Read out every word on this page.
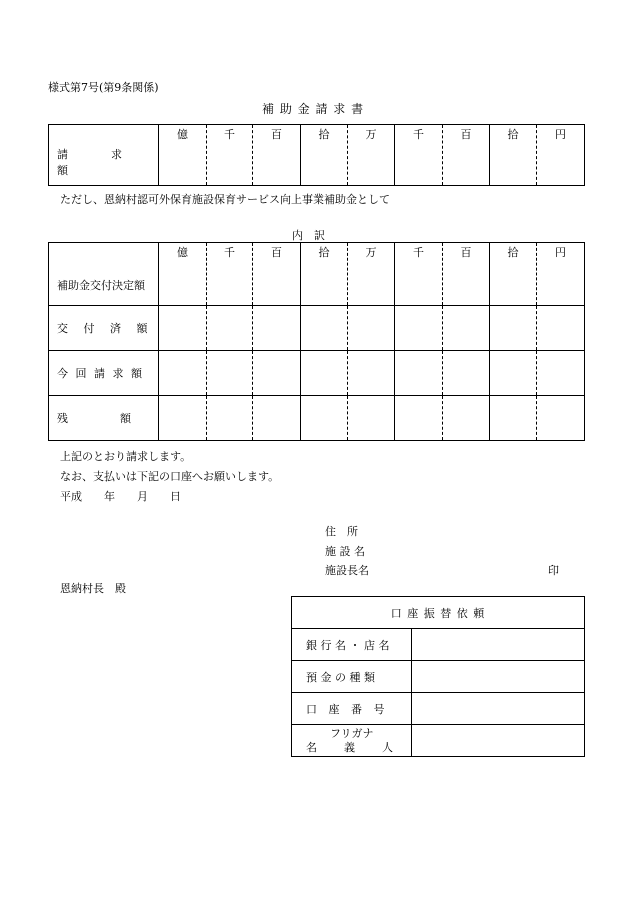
様式第7号(第9条関係)
補 助 金 請 求 書
請　求　額	億	千	百	拾	万	千	百	拾	円
ただし、恩納村認可外保育施設保育サービス向上事業補助金として
内　訳
補助金交付決定額	億	千	百	拾	万	千	百	拾	円
交 付 済 額									
今 回 請 求 額									
残　　額									
上記のとおり請求します。
なお、支払いは下記の口座へお願いします。
平成　　年　　月　　日
住　所
施 設 名
施設長名	印
恩納村長　殿
口 座 振 替 依 頼	
銀 行 名 ・ 店 名	
預 金 の 種 類	
口 座 番 号	

フリガナ
名　義　人	
